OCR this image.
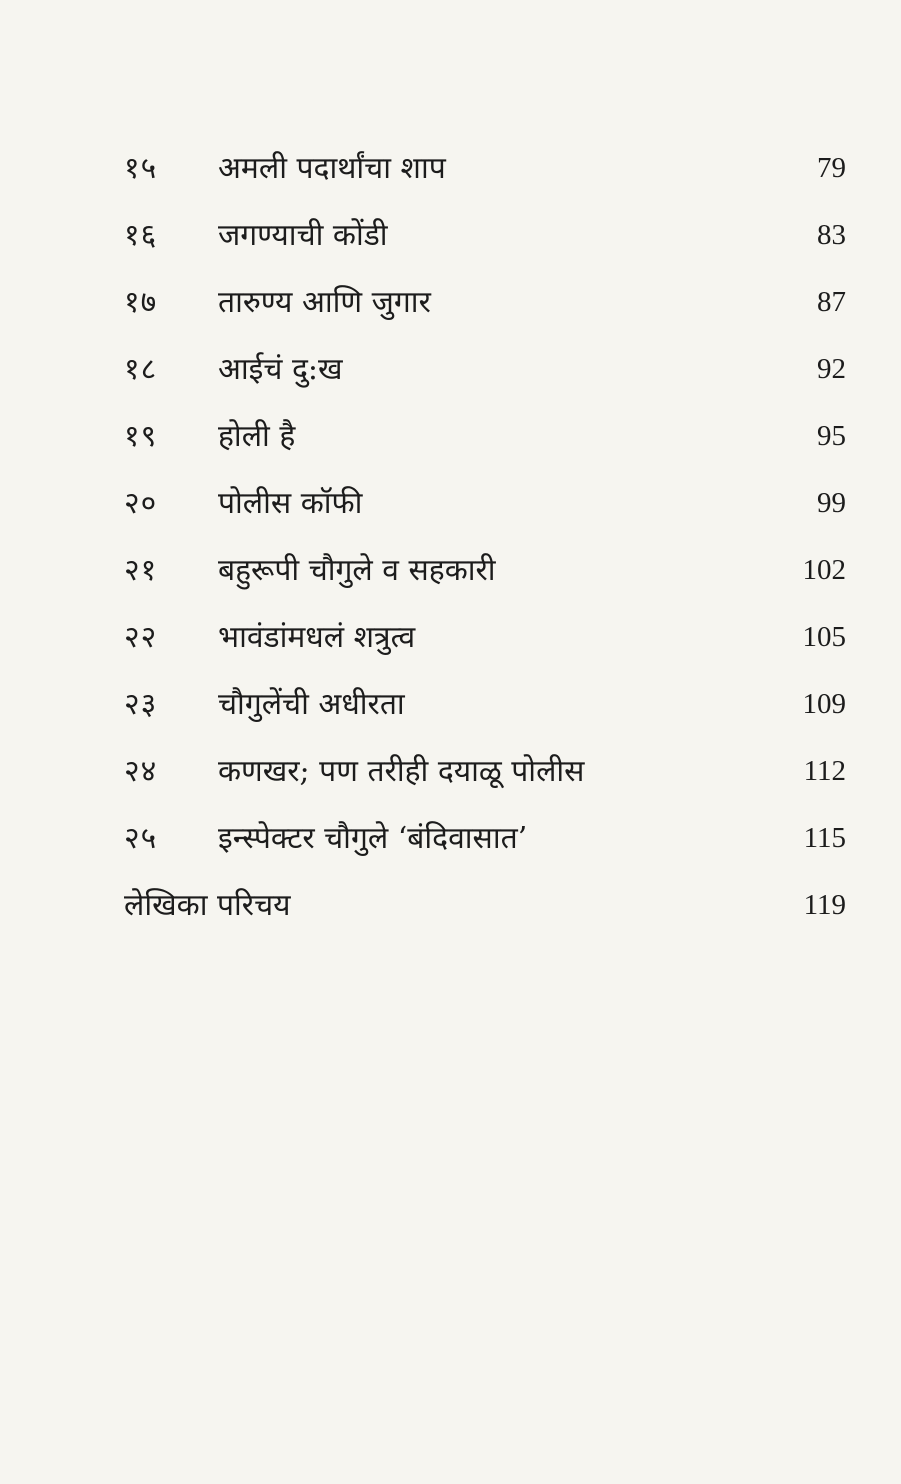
१५	अमली पदार्थांचा शाप	79
१६	जगण्याची कोंडी	83
१७	तारुण्य आणि जुगार	87
१८	आईचं दु:ख	92
१९	होली है	95
२०	पोलीस कॉफी	99
२१	बहुरूपी चौगुले व सहकारी	102
२२	भावंडांमधलं शत्रुत्व	105
२३	चौगुलेंची अधीरता	109
२४	कणखर; पण तरीही दयाळू पोलीस	112
२५	इन्स्पेक्टर चौगुले ‘बंदिवासात’	115
लेखिका परिचय	119
